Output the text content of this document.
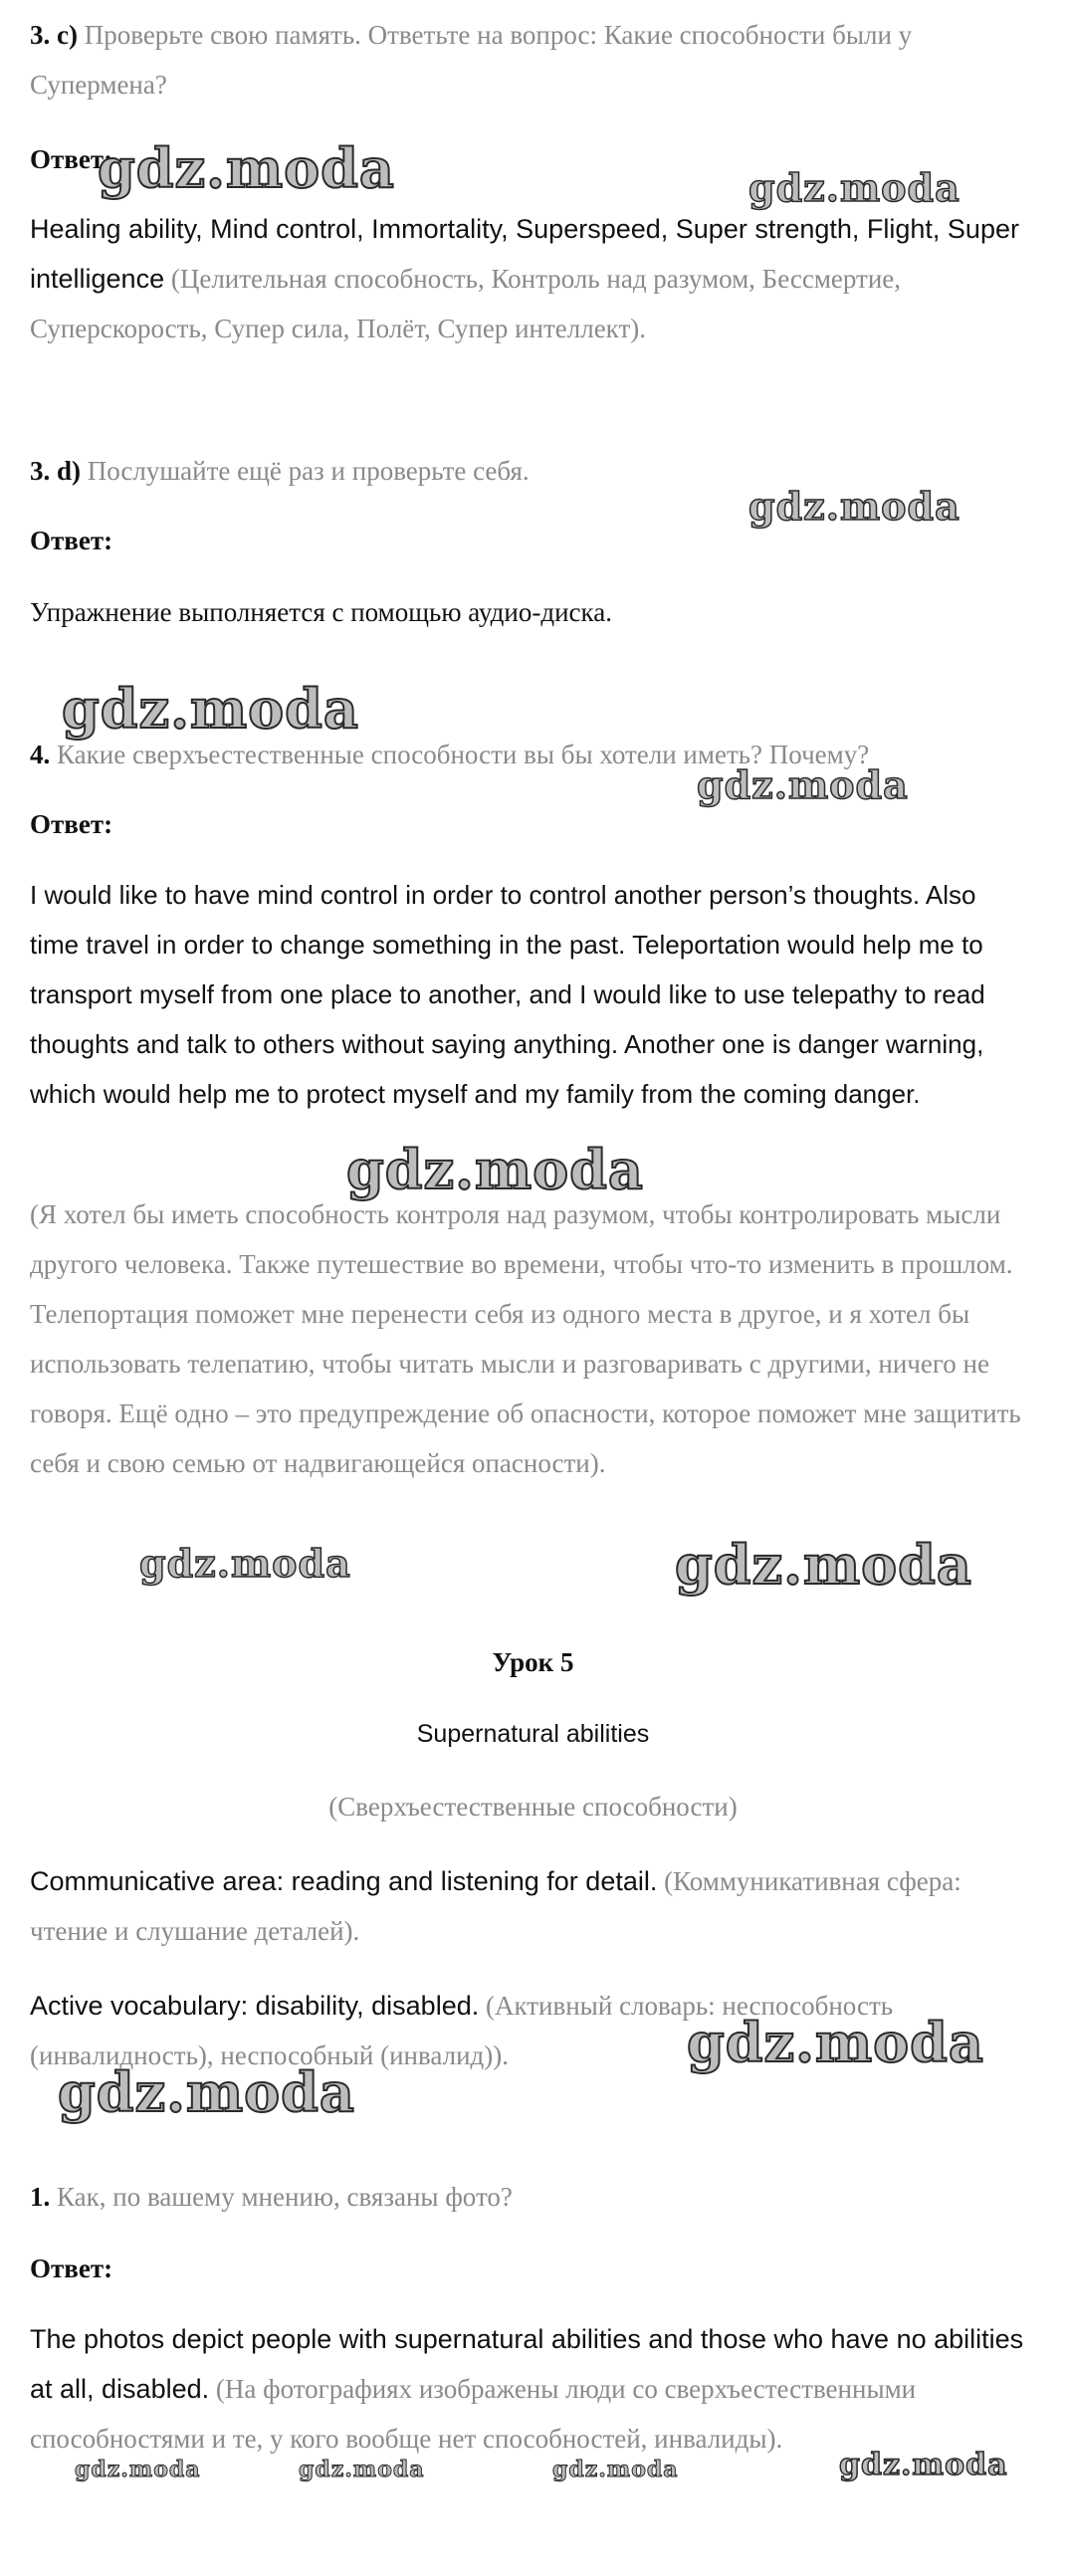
3. c) Проверьте свою память. Ответьте на вопрос: Какие способности были у Супермена?
Ответ:
Healing ability, Mind control, Immortality, Superspeed, Super strength, Flight, Super intelligence (Целительная способность, Контроль над разумом, Бессмертие, Суперскорость, Супер сила, Полёт, Супер интеллект).
3. d) Послушайте ещё раз и проверьте себя.
Ответ:
Упражнение выполняется с помощью аудио-диска.
4. Какие сверхъестественные способности вы бы хотели иметь? Почему?
Ответ:
I would like to have mind control in order to control another person’s thoughts. Also time travel in order to change something in the past. Teleportation would help me to transport myself from one place to another, and I would like to use telepathy to read thoughts and talk to others without saying anything. Another one is danger warning, which would help me to protect myself and my family from the coming danger.
(Я хотел бы иметь способность контроля над разумом, чтобы контролировать мысли другого человека. Также путешествие во времени, чтобы что-то изменить в прошлом. Телепортация поможет мне перенести себя из одного места в другое, и я хотел бы использовать телепатию, чтобы читать мысли и разговаривать с другими, ничего не говоря. Ещё одно – это предупреждение об опасности, которое поможет мне защитить себя и свою семью от надвигающейся опасности).
Урок 5
Supernatural abilities
(Сверхъестественные способности)
Communicative area: reading and listening for detail. (Коммуникативная сфера: чтение и слушание деталей).
Active vocabulary: disability, disabled. (Активный словарь: неспособность (инвалидность), неспособный (инвалид)).
1. Как, по вашему мнению, связаны фото?
Ответ:
The photos depict people with supernatural abilities and those who have no abilities at all, disabled. (На фотографиях изображены люди со сверхъестественными способностями и те, у кого вообще нет способностей, инвалиды).
gdz.moda	gdz.moda
gdz.moda
gdz.moda
gdz.moda
gdz.moda
gdz.moda	gdz.moda
gdz.moda
gdz.moda
gdz.moda	gdz.moda	gdz.moda	gdz.moda
